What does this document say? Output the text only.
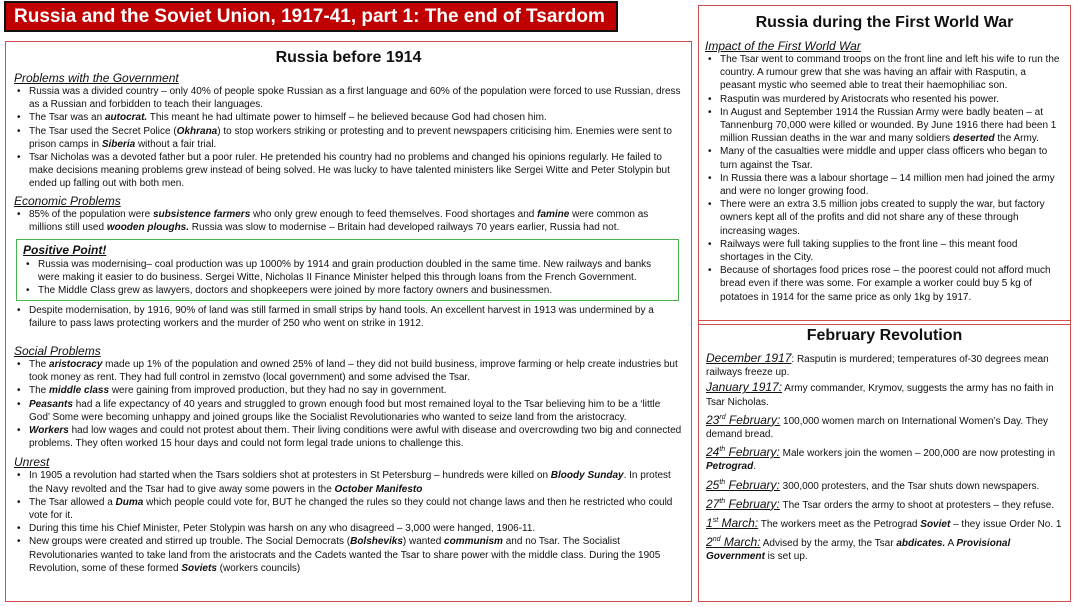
Russia and the Soviet Union, 1917-41, part 1: The end of Tsardom
Russia before 1914
Problems with the Government
• Russia was a divided country – only 40% of people spoke Russian as a first language and 60% of the population were forced to use Russian, dress as a Russian and forbidden to teach their languages.
• The Tsar was an autocrat. This meant he had ultimate power to himself – he believed because God had chosen him.
• The Tsar used the Secret Police (Okhrana) to stop workers striking or protesting and to prevent newspapers criticising him. Enemies were sent to prison camps in Siberia without a fair trial.
• Tsar Nicholas was a devoted father but a poor ruler. He pretended his country had no problems and changed his opinions regularly. He failed to make decisions meaning problems grew instead of being solved. He was lucky to have talented ministers like Sergei Witte and Peter Stolypin but ended up falling out with both men.
Economic Problems
• 85% of the population were subsistence farmers who only grew enough to feed themselves. Food shortages and famine were common as millions still used wooden ploughs. Russia was slow to modernise – Britain had developed railways 70 years earlier, Russia had not.
Positive Point!
• Russia was modernising– coal production was up 1000% by 1914 and grain production doubled in the same time. New railways and banks were making it easier to do business. Sergei Witte, Nicholas II Finance Minister helped this through loans from the French Government.
• The Middle Class grew as lawyers, doctors and shopkeepers were joined by more factory owners and businessmen.
• Despite modernisation, by 1916, 90% of land was still farmed in small strips by hand tools. An excellent harvest in 1913 was undermined by a failure to pass laws protecting workers and the murder of 250 who went on strike in 1912.
Social Problems
• The aristocracy made up 1% of the population and owned 25% of land – they did not build business, improve farming or help create industries but took money as rent. They had full control in zemstvo (local government) and some advised the Tsar.
• The middle class were gaining from improved production, but they had no say in government.
• Peasants had a life expectancy of 40 years and struggled to grown enough food but most remained loyal to the Tsar believing him to be a ‘little God’ Some were becoming unhappy and joined groups like the Socialist Revolutionaries who wanted to seize land from the aristocracy.
• Workers had low wages and could not protest about them. Their living conditions were awful with disease and overcrowding two big and connected problems. They often worked 15 hour days and could not form legal trade unions to challenge this.
Unrest
• In 1905 a revolution had started when the Tsars soldiers shot at protesters in St Petersburg – hundreds were killed on Bloody Sunday. In protest the Navy revolted and the Tsar had to give away some powers in the October Manifesto
• The Tsar allowed a Duma which people could vote for, BUT he changed the rules so they could not change laws and then he restricted who could vote for it.
• During this time his Chief Minister, Peter Stolypin was harsh on any who disagreed – 3,000 were hanged, 1906-11.
• New groups were created and stirred up trouble. The Social Democrats (Bolsheviks) wanted communism and no Tsar. The Socialist Revolutionaries wanted to take land from the aristocrats and the Cadets wanted the Tsar to share power with the middle class. During the 1905 Revolution, some of these formed Soviets (workers councils)
Russia during the First World War
Impact of the First World War
• The Tsar went to command troops on the front line and left his wife to run the country. A rumour grew that she was having an affair with Rasputin, a peasant mystic who seemed able to treat their haemophiliac son.
• Rasputin was murdered by Aristocrats who resented his power.
• In August and September 1914 the Russian Army were badly beaten – at Tannenburg 70,000 were killed or wounded. By June 1916 there had been 1 million Russian deaths in the war and many soldiers deserted the Army.
• Many of the casualties were middle and upper class officers who began to turn against the Tsar.
• In Russia there was a labour shortage – 14 million men had joined the army and were no longer growing food.
• There were an extra 3.5 million jobs created to supply the war, but factory owners kept all of the profits and did not share any of these through increasing wages.
• Railways were full taking supplies to the front line – this meant food shortages in the City.
• Because of shortages food prices rose – the poorest could not afford much bread even if there was some. For example a worker could buy 5 kg of potatoes in 1914 for the same price as only 1kg by 1917.
February Revolution
December 1917: Rasputin is murdered; temperatures of-30 degrees mean railways freeze up.
January 1917: Army commander, Krymov, suggests the army has no faith in Tsar Nicholas.
23rd February: 100,000 women march on International Women’s Day. They demand bread.
24th February: Male workers join the women – 200,000 are now protesting in Petrograd.
25th February: 300,000 protesters, and the Tsar shuts down newspapers.
27th February: The Tsar orders the army to shoot at protesters – they refuse.
1st March: The workers meet as the Petrograd Soviet – they issue Order No. 1
2nd March: Advised by the army, the Tsar abdicates. A Provisional Government is set up.
